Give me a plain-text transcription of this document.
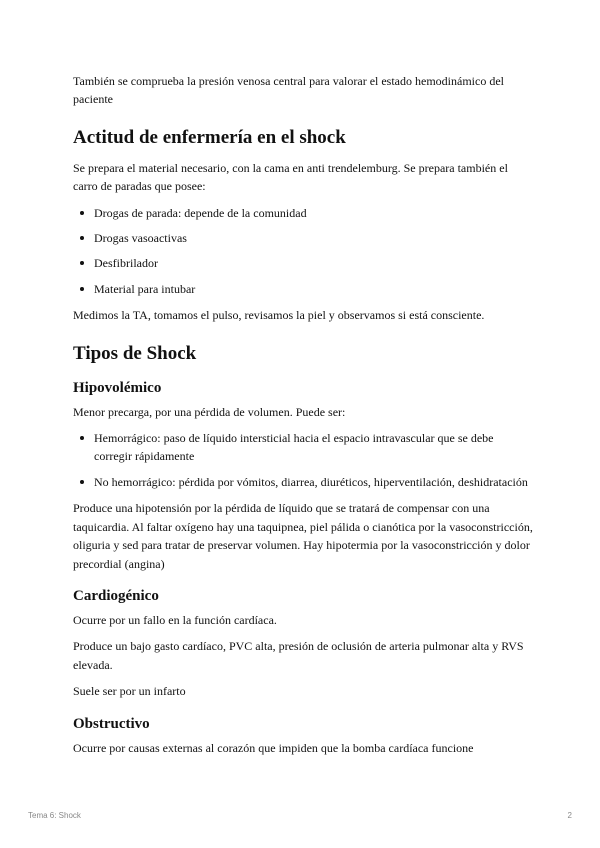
También se comprueba la presión venosa central para valorar el estado hemodinámico del paciente

Actitud de enfermería en el shock

Se prepara el material necesario, con la cama en anti trendelemburg. Se prepara también el carro de paradas que posee:

Drogas de parada: depende de la comunidad
Drogas vasoactivas
Desfibrilador
Material para intubar

Medimos la TA, tomamos el pulso, revisamos la piel y observamos si está consciente.

Tipos de Shock
Hipovolémico

Menor precarga, por una pérdida de volumen. Puede ser:

Hemorrágico: paso de líquido intersticial hacia el espacio intravascular que se debe corregir rápidamente
No hemorrágico: pérdida por vómitos, diarrea, diuréticos, hiperventilación, deshidratación

Produce una hipotensión por la pérdida de líquido que se tratará de compensar con una taquicardia. Al faltar oxígeno hay una taquipnea, piel pálida o cianótica por la vasoconstricción, oliguria y sed para tratar de preservar volumen. Hay hipotermia por la vasoconstricción y dolor precordial (angina)

Cardiogénico

Ocurre por un fallo en la función cardíaca.

Produce un bajo gasto cardíaco, PVC alta, presión de oclusión de arteria pulmonar alta y RVS elevada.

Suele ser por un infarto

Obstructivo

Ocurre por causas externas al corazón que impiden que la bomba cardíaca funcione

Tema 6: Shock	2
